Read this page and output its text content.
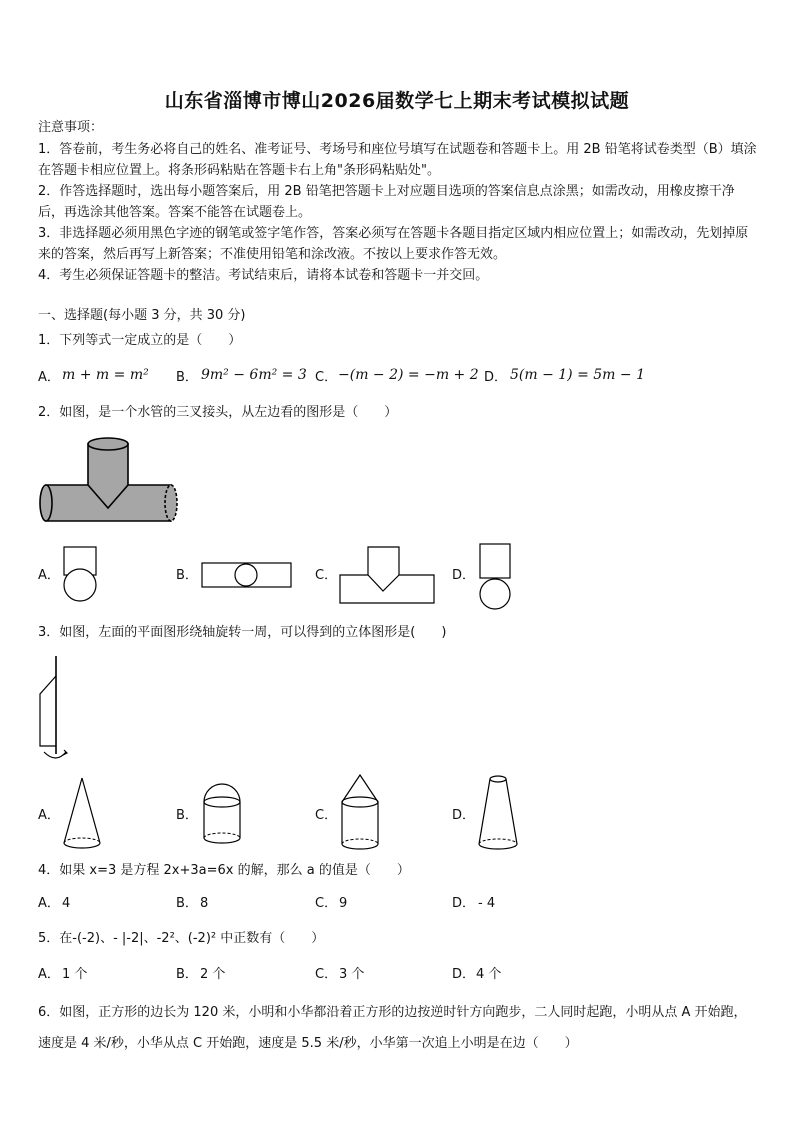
山东省淄博市博山2026届数学七上期末考试模拟试题
注意事项：
1．答卷前，考生务必将自己的姓名、准考证号、考场号和座位号填写在试题卷和答题卡上。用 2B 铅笔将试卷类型（B）填涂在答题卡相应位置上。将条形码粘贴在答题卡右上角"条形码粘贴处"。
2．作答选择题时，选出每小题答案后，用 2B 铅笔把答题卡上对应题目选项的答案信息点涂黑；如需改动，用橡皮擦干净后，再选涂其他答案。答案不能答在试题卷上。
3．非选择题必须用黑色字迹的钢笔或签字笔作答，答案必须写在答题卡各题目指定区域内相应位置上；如需改动，先划掉原来的答案，然后再写上新答案；不准使用铅笔和涂改液。不按以上要求作答无效。
4．考生必须保证答题卡的整洁。考试结束后，请将本试卷和答题卡一并交回。
一、选择题(每小题 3 分，共 30 分)
1．下列等式一定成立的是（　　）
A． m + m = m² B． 9m² − 6m² = 3 C． −(m − 2) = −m + 2 D． 5(m − 1) = 5m − 1
2．如图，是一个水管的三叉接头，从左边看的图形是（　　）
A．	B．	C．	D．
3．如图，左面的平面图形绕轴旋转一周，可以得到的立体图形是(　　)
A．	B．	C．	D．
4．如果 x=3 是方程 2x+3a=6x 的解，那么 a 的值是（　　）
A． 4	B． 8	C． 9	D． - 4
5．在-(-2)、- |-2|、-2²、(-2)² 中正数有（　　）
A． 1 个	B． 2 个	C． 3 个	D． 4 个
6．如图，正方形的边长为 120 米，小明和小华都沿着正方形的边按逆时针方向跑步，二人同时起跑，小明从点 A 开始跑，速度是 4 米/秒，小华从点 C 开始跑，速度是 5.5 米/秒，小华第一次追上小明是在边（　　）
